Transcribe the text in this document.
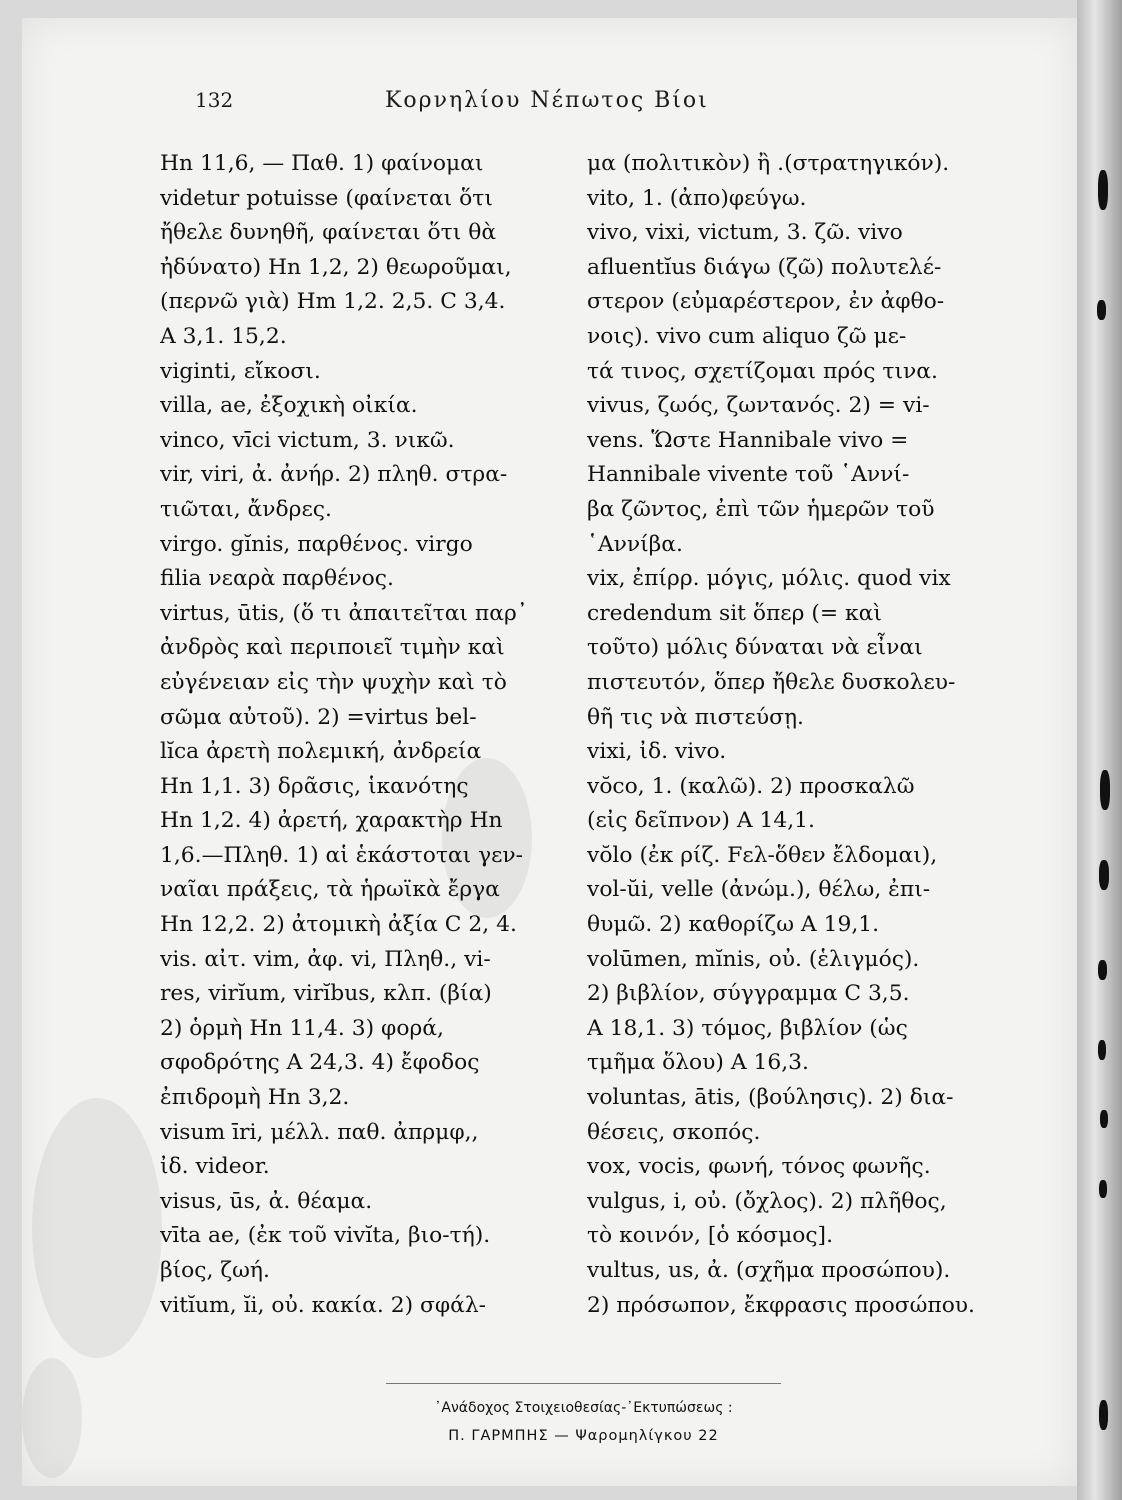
132	Κορνηλίου Νέπωτος Βίοι
Hn 11,6, — Παθ. 1) φαίνομαι
videtur potuisse (φαίνεται ὅτι
ἤθελε δυνηθῆ, φαίνεται ὅτι θὰ
ἠδύνατο) Hn 1,2, 2) θεωροῦμαι,
(περνῶ γιὰ) Hm 1,2. 2,5. C 3,4.
A 3,1. 15,2.
viginti, εἴκοσι.
villa, ae, ἐξοχικὴ οἰκία.
vinco, vīci victum, 3. νικῶ.
vir, viri, ἀ. ἀνήρ. 2) πληθ. στρα-
τιῶται, ἄνδρες.
virgo. gĭnis, παρθένος. virgo
filia νεαρὰ παρθένος.
virtus, ūtis, (ὅ τι ἀπαιτεῖται παρ᾿
ἀνδρὸς καὶ περιποιεῖ τιμὴν καὶ
εὐγένειαν εἰς τὴν ψυχὴν καὶ τὸ
σῶμα αὐτοῦ). 2) =virtus bel-
lĭca ἀρετὴ πολεμική, ἀνδρεία
Hn 1,1. 3) δρᾶσις, ἱκανότης
Hn 1,2. 4) ἀρετή, χαρακτὴρ Hn
1,6.—Πληθ. 1) αἱ ἑκάστοται γεν-
ναῖαι πράξεις, τὰ ἡρωϊκὰ ἔργα
Hn 12,2. 2) ἀτομικὴ ἀξία C 2, 4.
vis. αἰτ. vim, ἀφ. vi, Πληθ., vi-
res, virĭum, virĭbus, κλπ. (βία)
2) ὁρμὴ Hn 11,4. 3) φορά,
σφοδρότης A 24,3. 4) ἔφοδος
ἐπιδρομὴ Hn 3,2.
visum īri, μέλλ. παθ. ἀπρμφ,,
ἰδ. videor.
visus, ūs, ἀ. θέαμα.
vīta ae, (ἐκ τοῦ vivĭta, βιο-τή).
βίος, ζωή.
vitĭum, ĭi, οὐ. κακία. 2) σφάλ-
μα (πολιτικὸν) ἢ .(στρατηγικόν).
vito, 1. (ἀπο)φεύγω.
vivo, vixi, victum, 3. ζῶ. vivo
afluentĭus διάγω (ζῶ) πολυτελέ-
στερον (εὐμαρέστερον, ἐν ἀφθο-
νοις). vivo cum aliquo ζῶ με-
τά τινος, σχετίζομαι πρός τινα.
vivus, ζωός, ζωντανός. 2) = vi-
vens. Ὥστε Hannibale vivo =
Hannibale vivente τοῦ ῾Αννί-
βα ζῶντος, ἐπὶ τῶν ἡμερῶν τοῦ
῾Αννίβα.
vix, ἐπίρρ. μόγις, μόλις. quod vix
credendum sit ὅπερ (= καὶ
τοῦτο) μόλις δύναται νὰ εἶναι
πιστευτόν, ὅπερ ἤθελε δυσκολευ-
θῆ τις νὰ πιστεύσῃ.
vixi, ἰδ. vivo.
vŏco, 1. (καλῶ). 2) προσκαλῶ
(εἰς δεῖπνον) A 14,1.
vŏlo (ἐκ ρίζ. Fελ-ὅθεν ἔλδομαι),
vol-ŭi, velle (ἀνώμ.), θέλω, ἐπι-
θυμῶ. 2) καθορίζω A 19,1.
volūmen, mĭnis, οὐ. (ἑλιγμός).
2) βιβλίον, σύγγραμμα C 3,5.
A 18,1. 3) τόμος, βιβλίον (ὡς
τμῆμα ὅλου) A 16,3.
voluntas, ātis, (βούλησις). 2) δια-
θέσεις, σκοπός.
vox, vocis, φωνή, τόνος φωνῆς.
vulgus, i, οὐ. (ὄχλος). 2) πλῆθος,
τὸ κοινόν, [ὁ κόσμος].
vultus, us, ἀ. (σχῆμα προσώπου).
2) πρόσωπον, ἔκφρασις προσώπου.
᾿Ανάδοχος Στοιχειοθεσίας-᾿Εκτυπώσεως :
Π. ΓΑΡΜΠΗΣ — Ψαρομηλίγκου 22
